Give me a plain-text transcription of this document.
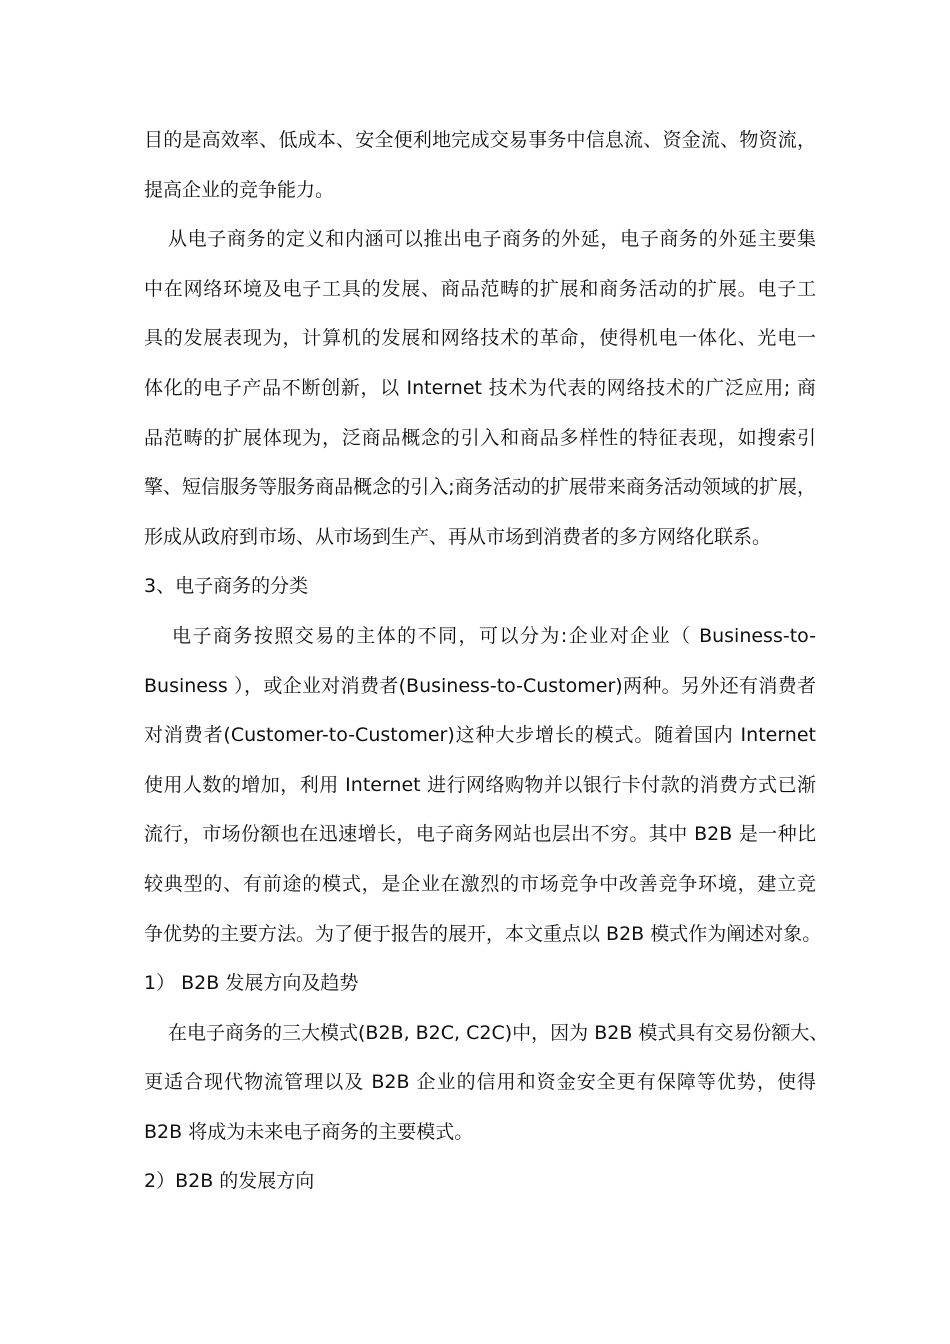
目的是高效率、低成本、安全便利地完成交易事务中信息流、资金流、物资流，
提高企业的竞争能力。
从电子商务的定义和内涵可以推出电子商务的外延，电子商务的外延主要集
中在网络环境及电子工具的发展、商品范畴的扩展和商务活动的扩展。电子工
具的发展表现为，计算机的发展和网络技术的革命，使得机电一体化、光电一
体化的电子产品不断创新，以 Internet 技术为代表的网络技术的广泛应用; 商
品范畴的扩展体现为，泛商品概念的引入和商品多样性的特征表现，如搜索引
擎、短信服务等服务商品概念的引入;商务活动的扩展带来商务活动领域的扩展，
形成从政府到市场、从市场到生产、再从市场到消费者的多方网络化联系。
3、电子商务的分类
电子商务按照交易的主体的不同，可以分为:企业对企业（ Business-to-
Business ），或企业对消费者(Business-to-Customer)两种。另外还有消费者
对消费者(Customer-to-Customer)这种大步增长的模式。随着国内 Internet
使用人数的增加，利用 Internet 进行网络购物并以银行卡付款的消费方式已渐
流行，市场份额也在迅速增长，电子商务网站也层出不穷。其中 B2B 是一种比
较典型的、有前途的模式，是企业在激烈的市场竞争中改善竞争环境，建立竞
争优势的主要方法。为了便于报告的展开，本文重点以 B2B 模式作为阐述对象。
1） B2B 发展方向及趋势
在电子商务的三大模式(B2B, B2C, C2C)中，因为 B2B 模式具有交易份额大、
更适合现代物流管理以及 B2B 企业的信用和资金安全更有保障等优势，使得
B2B 将成为未来电子商务的主要模式。
2）B2B 的发展方向
